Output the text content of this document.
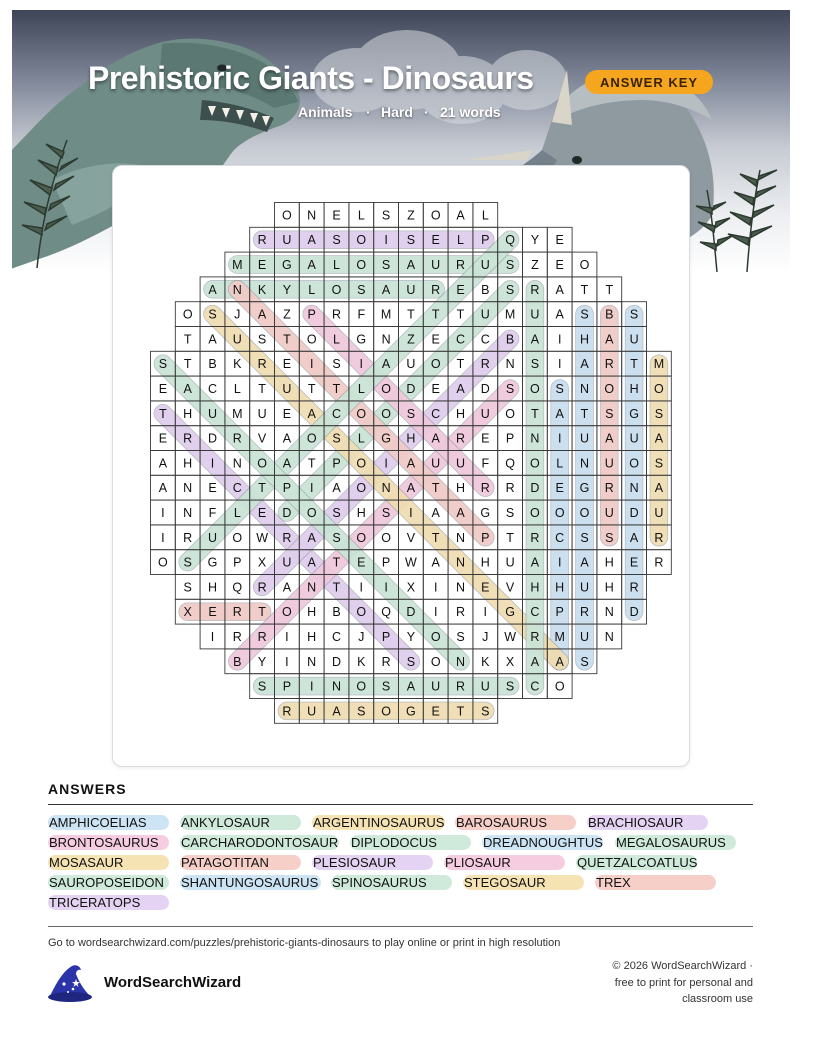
Prehistoric Giants - Dinosaurs	ANSWER KEY
Animals · Hard · 21 words
O N E L S Z O A L
R U A S O I S E L P Q Y E
M E G A L O S A U R U S Z E O
A N K Y L O S A U R E B S R A T T
O S J A Z P R F M T T T U M U A S B S
T A U S T O L G N Z E C C B A I H A U
S T B K R E I S I A U O T R N S I A R T M
E A C L T U T T L O D E A D S O S N O H O
T H U M U E A C O O S C H U O T A T S G S
E R D R V A O S L G H A R E P N I U A U A
A H I N O A T P O I A U U F Q O L N U O S
A N E C T P I A O N A T H R R D E G R N A
I N F L E D O S H S I A A G S O O O U D U
I R U O W R A S O O V T N P T R C S S A R
O S G P X U A T E P W A N H U A I A H E R
S H Q R A N T I I X I N E V H H U H R
X E R T O H B O Q D I R I G C P R N D
I R R I H C J P Y O S J W R M U N
B Y I N D K R S O N K X A A S
S P I N O S A U R U S C O
R U A S O G E T S
ANSWERS
AMPHICOELIAS	ANKYLOSAUR	ARGENTINOSAURUS BAROSAURUS	BRACHIOSAUR
BRONTOSAURUS	CARCHARODONTOSAUR DIPLODOCUS	DREADNOUGHTUS MEGALOSAURUS
MOSASAUR	PATAGOTITAN	PLESIOSAUR	PLIOSAUR	QUETZALCOATLUS
SAUROPOSEIDON	SHANTUNGOSAURUS SPINOSAURUS	STEGOSAUR	TREX
TRICERATOPS
Go to wordsearchwizard.com/puzzles/prehistoric-giants-dinosaurs to play online or print in high resolution
WordSearchWizard
© 2026 WordSearchWizard ·
free to print for personal and
classroom use
